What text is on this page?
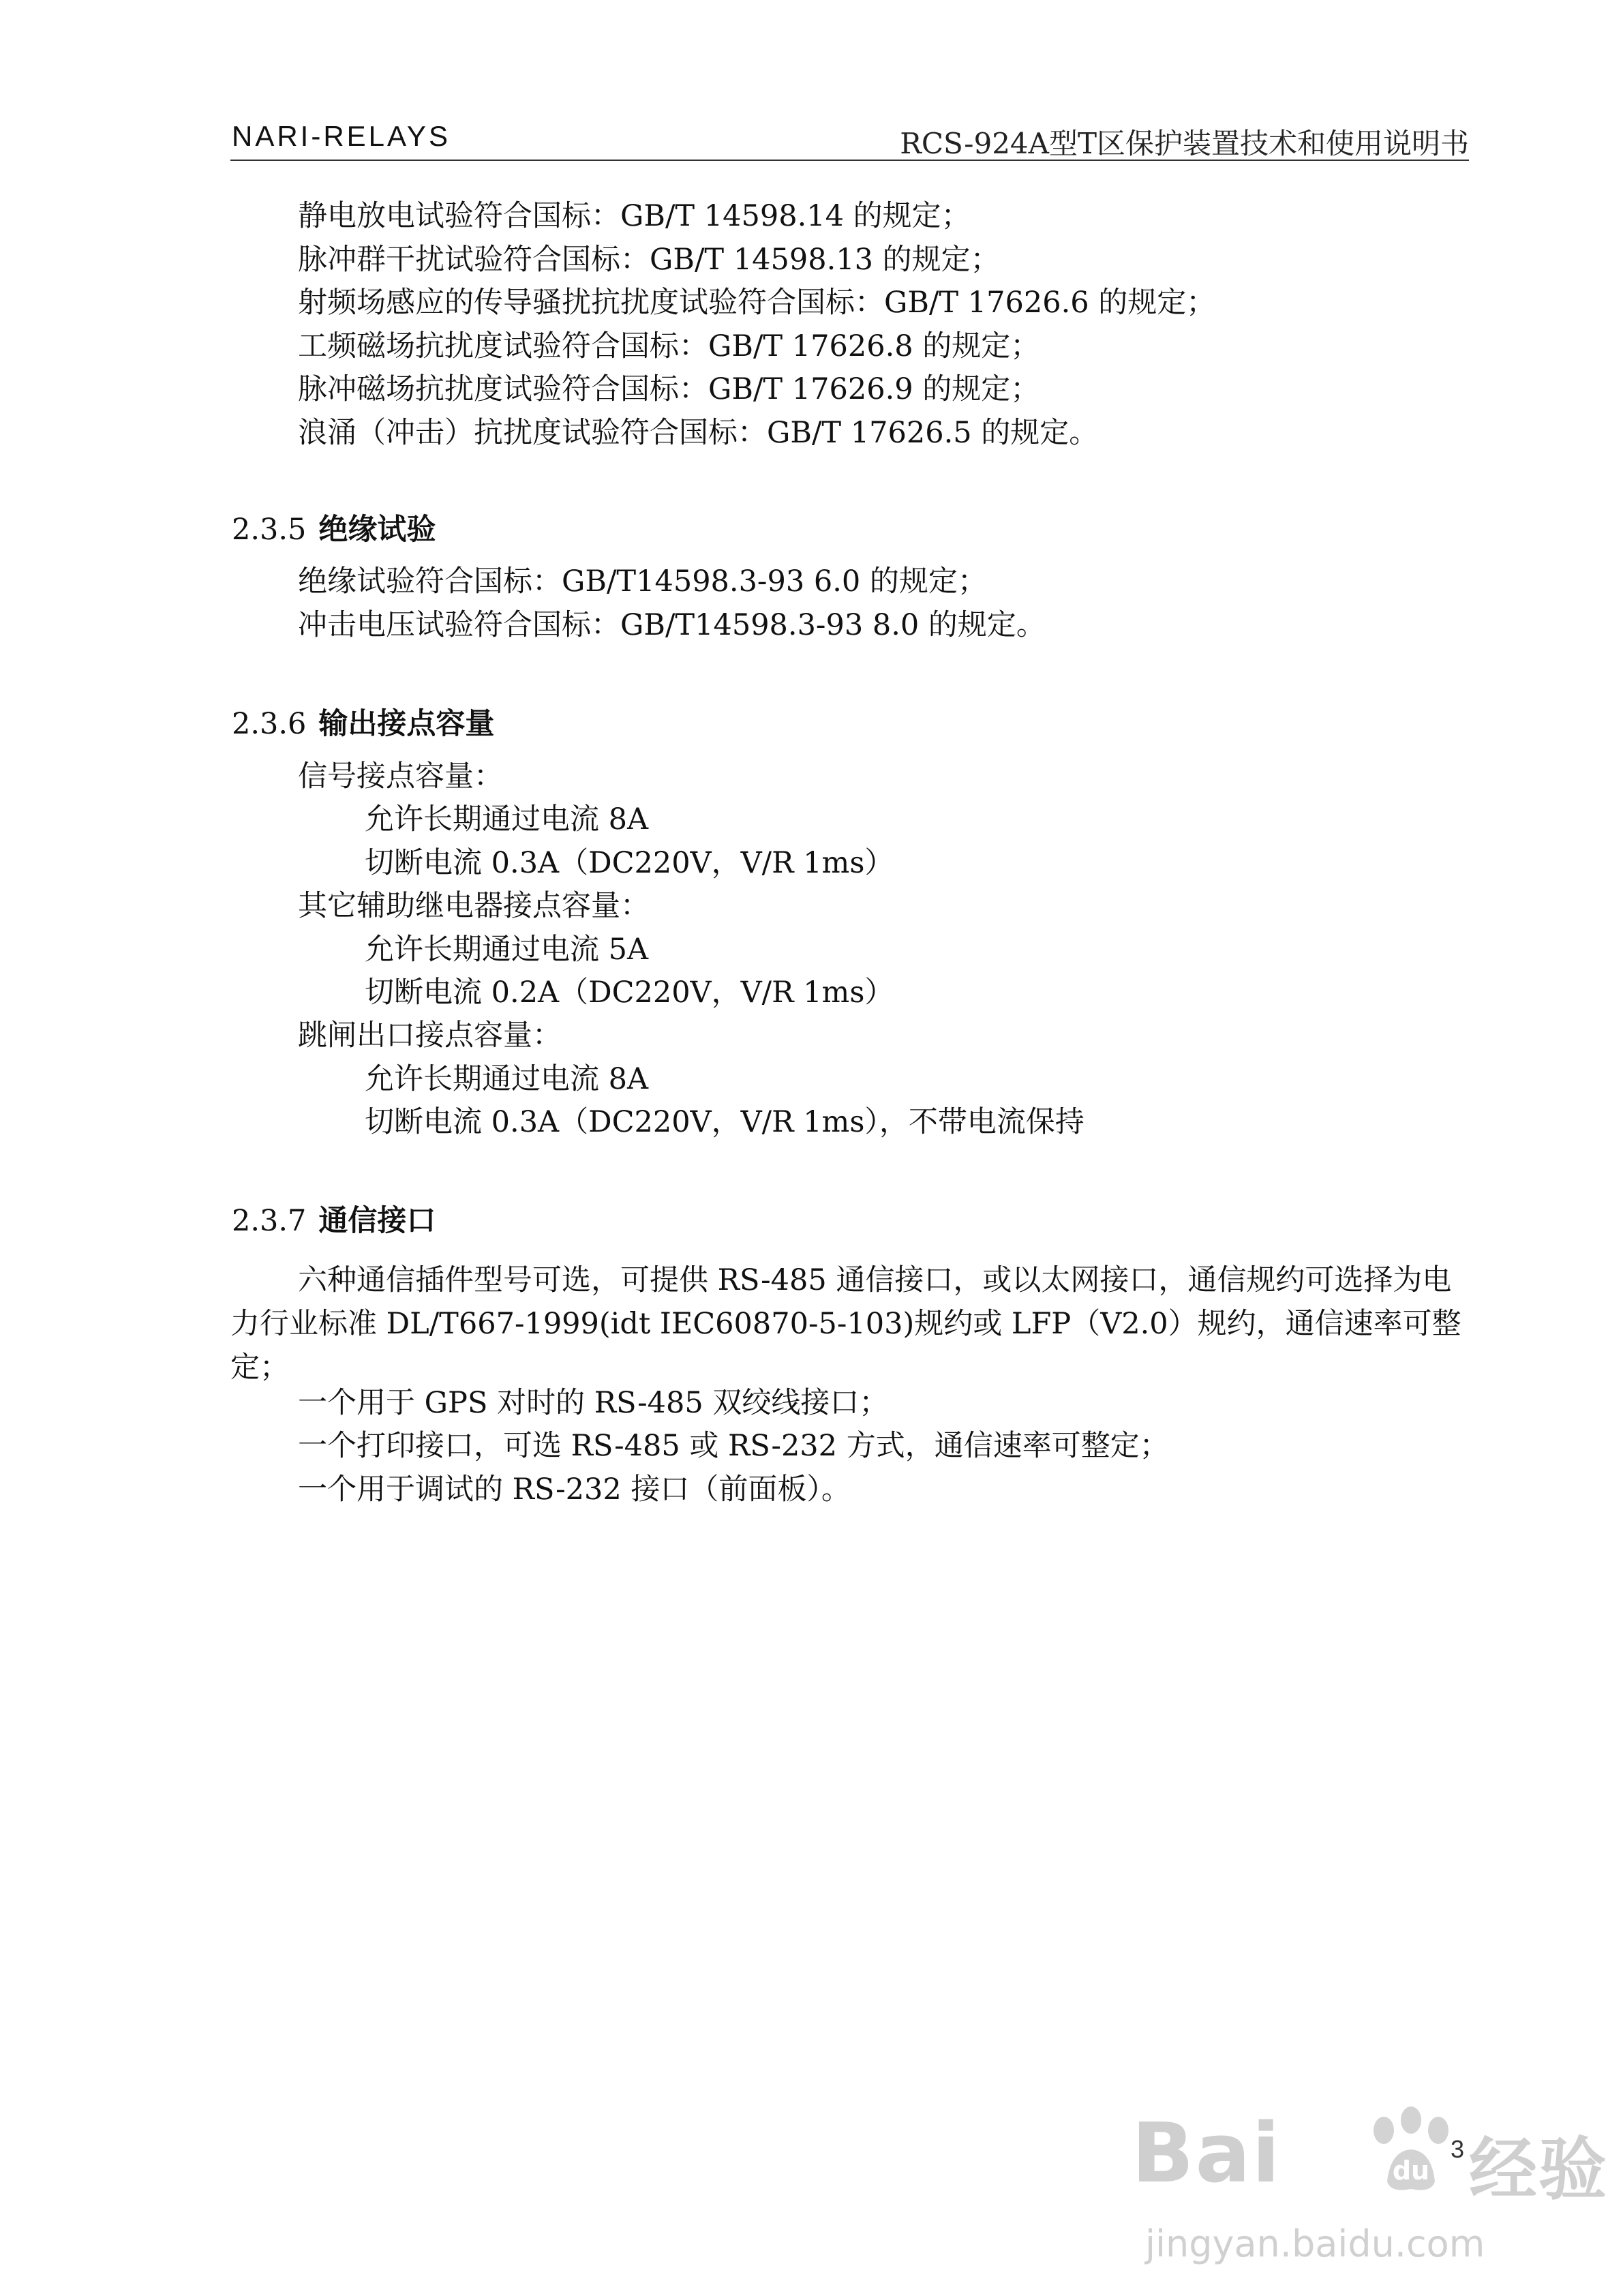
NARI-RELAYS	RCS-924A型T区保护装置技术和使用说明书
静电放电试验符合国标：GB/T 14598.14 的规定；
脉冲群干扰试验符合国标：GB/T 14598.13 的规定；
射频场感应的传导骚扰抗扰度试验符合国标：GB/T 17626.6 的规定；
工频磁场抗扰度试验符合国标：GB/T 17626.8 的规定；
脉冲磁场抗扰度试验符合国标：GB/T 17626.9 的规定；
浪涌（冲击）抗扰度试验符合国标：GB/T 17626.5 的规定。
2.3.5 绝缘试验
绝缘试验符合国标：GB/T14598.3-93 6.0 的规定；
冲击电压试验符合国标：GB/T14598.3-93 8.0 的规定。
2.3.6 输出接点容量
信号接点容量：
允许长期通过电流 8A
切断电流 0.3A（DC220V，V/R 1ms）
其它辅助继电器接点容量：
允许长期通过电流 5A
切断电流 0.2A（DC220V，V/R 1ms）
跳闸出口接点容量：
允许长期通过电流 8A
切断电流 0.3A（DC220V，V/R 1ms），不带电流保持
2.3.7 通信接口
六种通信插件型号可选，可提供 RS-485 通信接口，或以太网接口，通信规约可选择为电力行业标准 DL/T667-1999(idt IEC60870-5-103)规约或 LFP（V2.0）规约，通信速率可整定；
一个用于 GPS 对时的 RS-485 双绞线接口；
一个打印接口，可选 RS-485 或 RS-232 方式，通信速率可整定；
一个用于调试的 RS-232 接口（前面板）。
Bai	du 经验
jingyan.baidu.com
3
